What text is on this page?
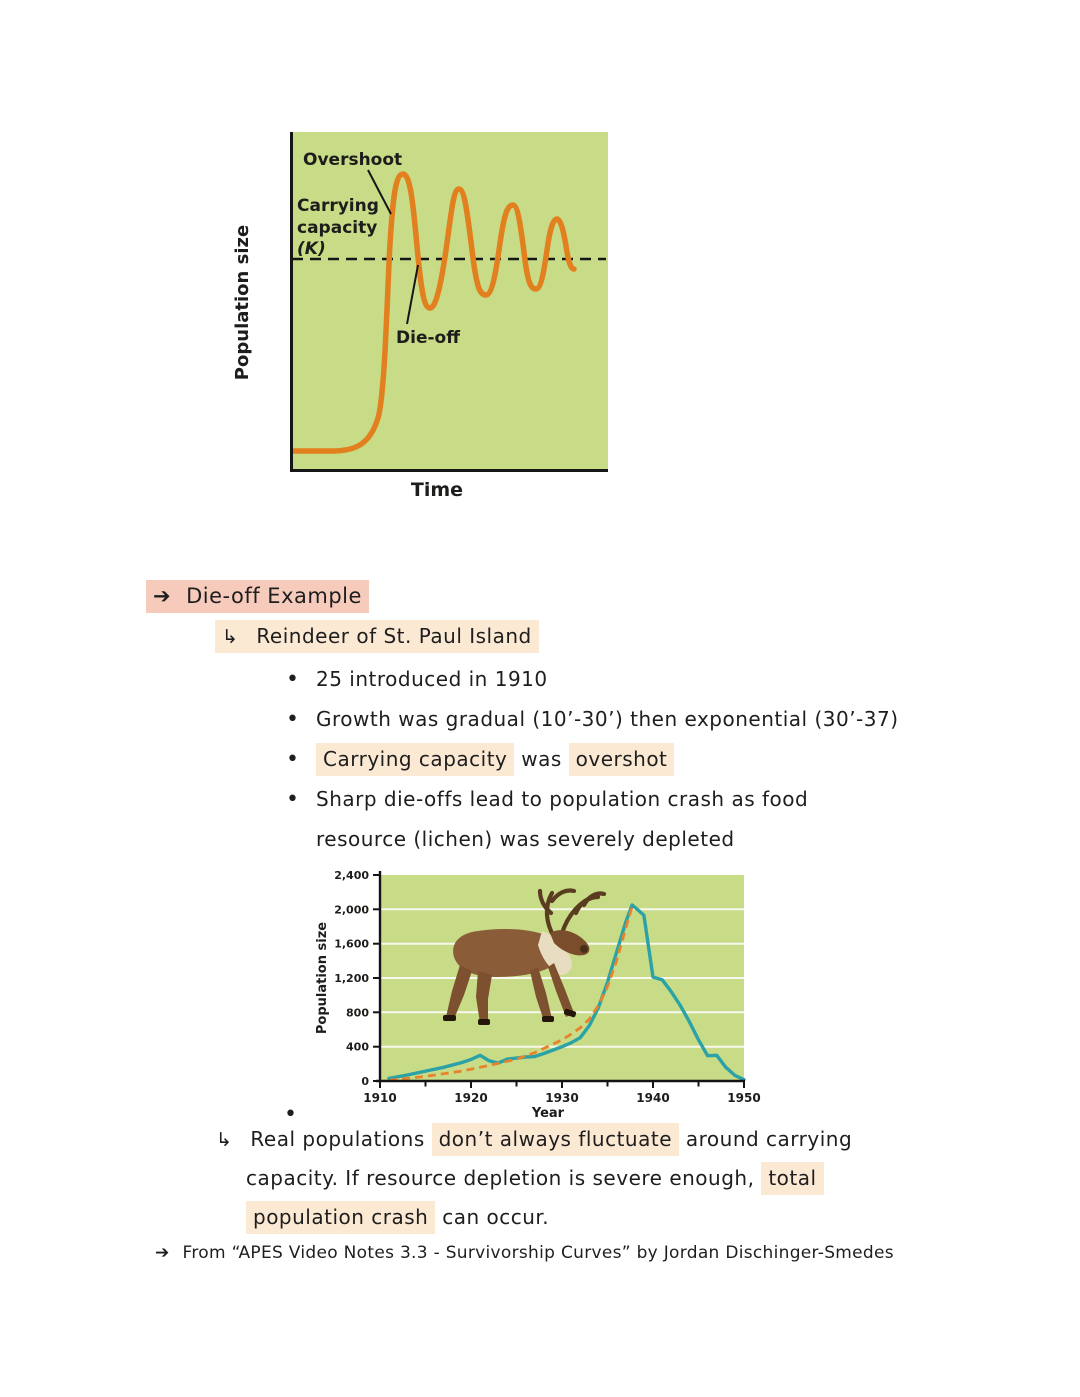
Population size
Overshoot
Carrying
capacity
(K)
Die-off
Time
➔ Die-off Example
↳ Reindeer of St. Paul Island
• 25 introduced in 1910
• Growth was gradual (10’-30’) then exponential (30’-37)
• Carrying capacity was overshot
• Sharp die-offs lead to population crash as food
resource (lichen) was severely depleted
2,400
2,000
1,600
1,200
800
400
0
1910	1920	1930	1940	1950
Year
Population size
•
↳ Real populations don’t always fluctuate around carrying
capacity. If resource depletion is severe enough, total
population crash can occur.
➔ From “APES Video Notes 3.3 - Survivorship Curves” by Jordan Dischinger-Smedes
